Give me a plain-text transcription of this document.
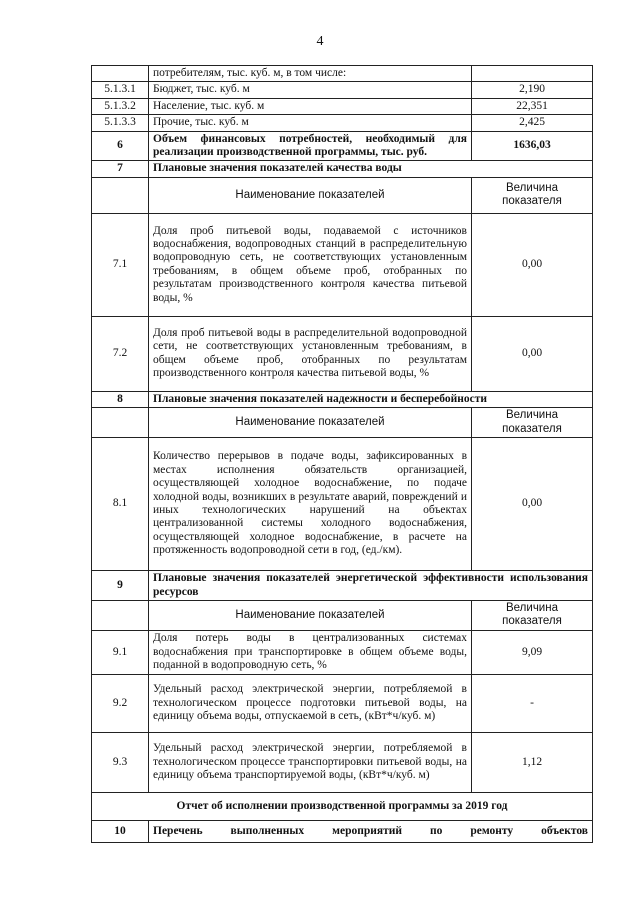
4
	потребителям, тыс. куб. м, в том числе:	
5.1.3.1	Бюджет, тыс. куб. м	2,190
5.1.3.2	Население, тыс. куб. м	22,351
5.1.3.3	Прочие, тыс. куб. м	2,425
6	Объем финансовых потребностей, необходимый для реализации производственной программы, тыс. руб.	1636,03
7	Плановые значения показателей качества воды	
	Наименование показателей	Величина показателя
7.1	Доля проб питьевой воды, подаваемой с источников водоснабжения, водопроводных станций в распределительную водопроводную сеть, не соответствующих установленным требованиям, в общем объеме проб, отобранных по результатам производственного контроля качества питьевой воды, %	0,00
7.2	Доля проб питьевой воды в распределительной водопроводной сети, не соответствующих установленным требованиям, в общем объеме проб, отобранных по результатам производственного контроля качества питьевой воды, %	0,00
8	Плановые значения показателей надежности и бесперебойности	
	Наименование показателей	Величина показателя
8.1	Количество перерывов в подаче воды, зафиксированных в местах исполнения обязательств организацией, осуществляющей холодное водоснабжение, по подаче холодной воды, возникших в результате аварий, повреждений и иных технологических нарушений на объектах централизованной системы холодного водоснабжения, осуществляющей холодное водоснабжение, в расчете на протяженность водопроводной сети в год, (ед./км).	0,00
9	Плановые значения показателей энергетической эффективности использования ресурсов	
	Наименование показателей	Величина показателя
9.1	Доля потерь воды в централизованных системах водоснабжения при транспортировке в общем объеме воды, поданной в водопроводную сеть, %	9,09
9.2	Удельный расход электрической энергии, потребляемой в технологическом процессе подготовки питьевой воды, на единицу объема воды, отпускаемой в сеть, (кВт*ч/куб. м)	-
9.3	Удельный расход электрической энергии, потребляемой в технологическом процессе транспортировки питьевой воды, на единицу объема транспортируемой воды, (кВт*ч/куб. м)	1,12
Отчет об исполнении производственной программы за 2019 год		
10	Перечень выполненных мероприятий по ремонту объектов	
